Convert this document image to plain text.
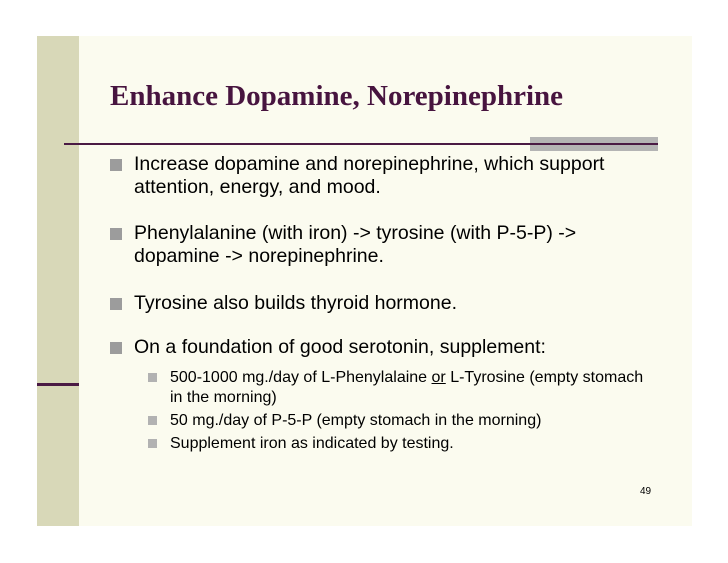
Enhance Dopamine, Norepinephrine
Increase dopamine and norepinephrine, which support attention, energy, and mood.
Phenylalanine (with iron) -> tyrosine (with P-5-P) -> dopamine -> norepinephrine.
Tyrosine also builds thyroid hormone.
On a foundation of good serotonin, supplement:
500-1000 mg./day of L-Phenylalaine or L-Tyrosine (empty stomach in the morning)
50 mg./day of P-5-P (empty stomach in the morning)
Supplement iron as indicated by testing.
49
